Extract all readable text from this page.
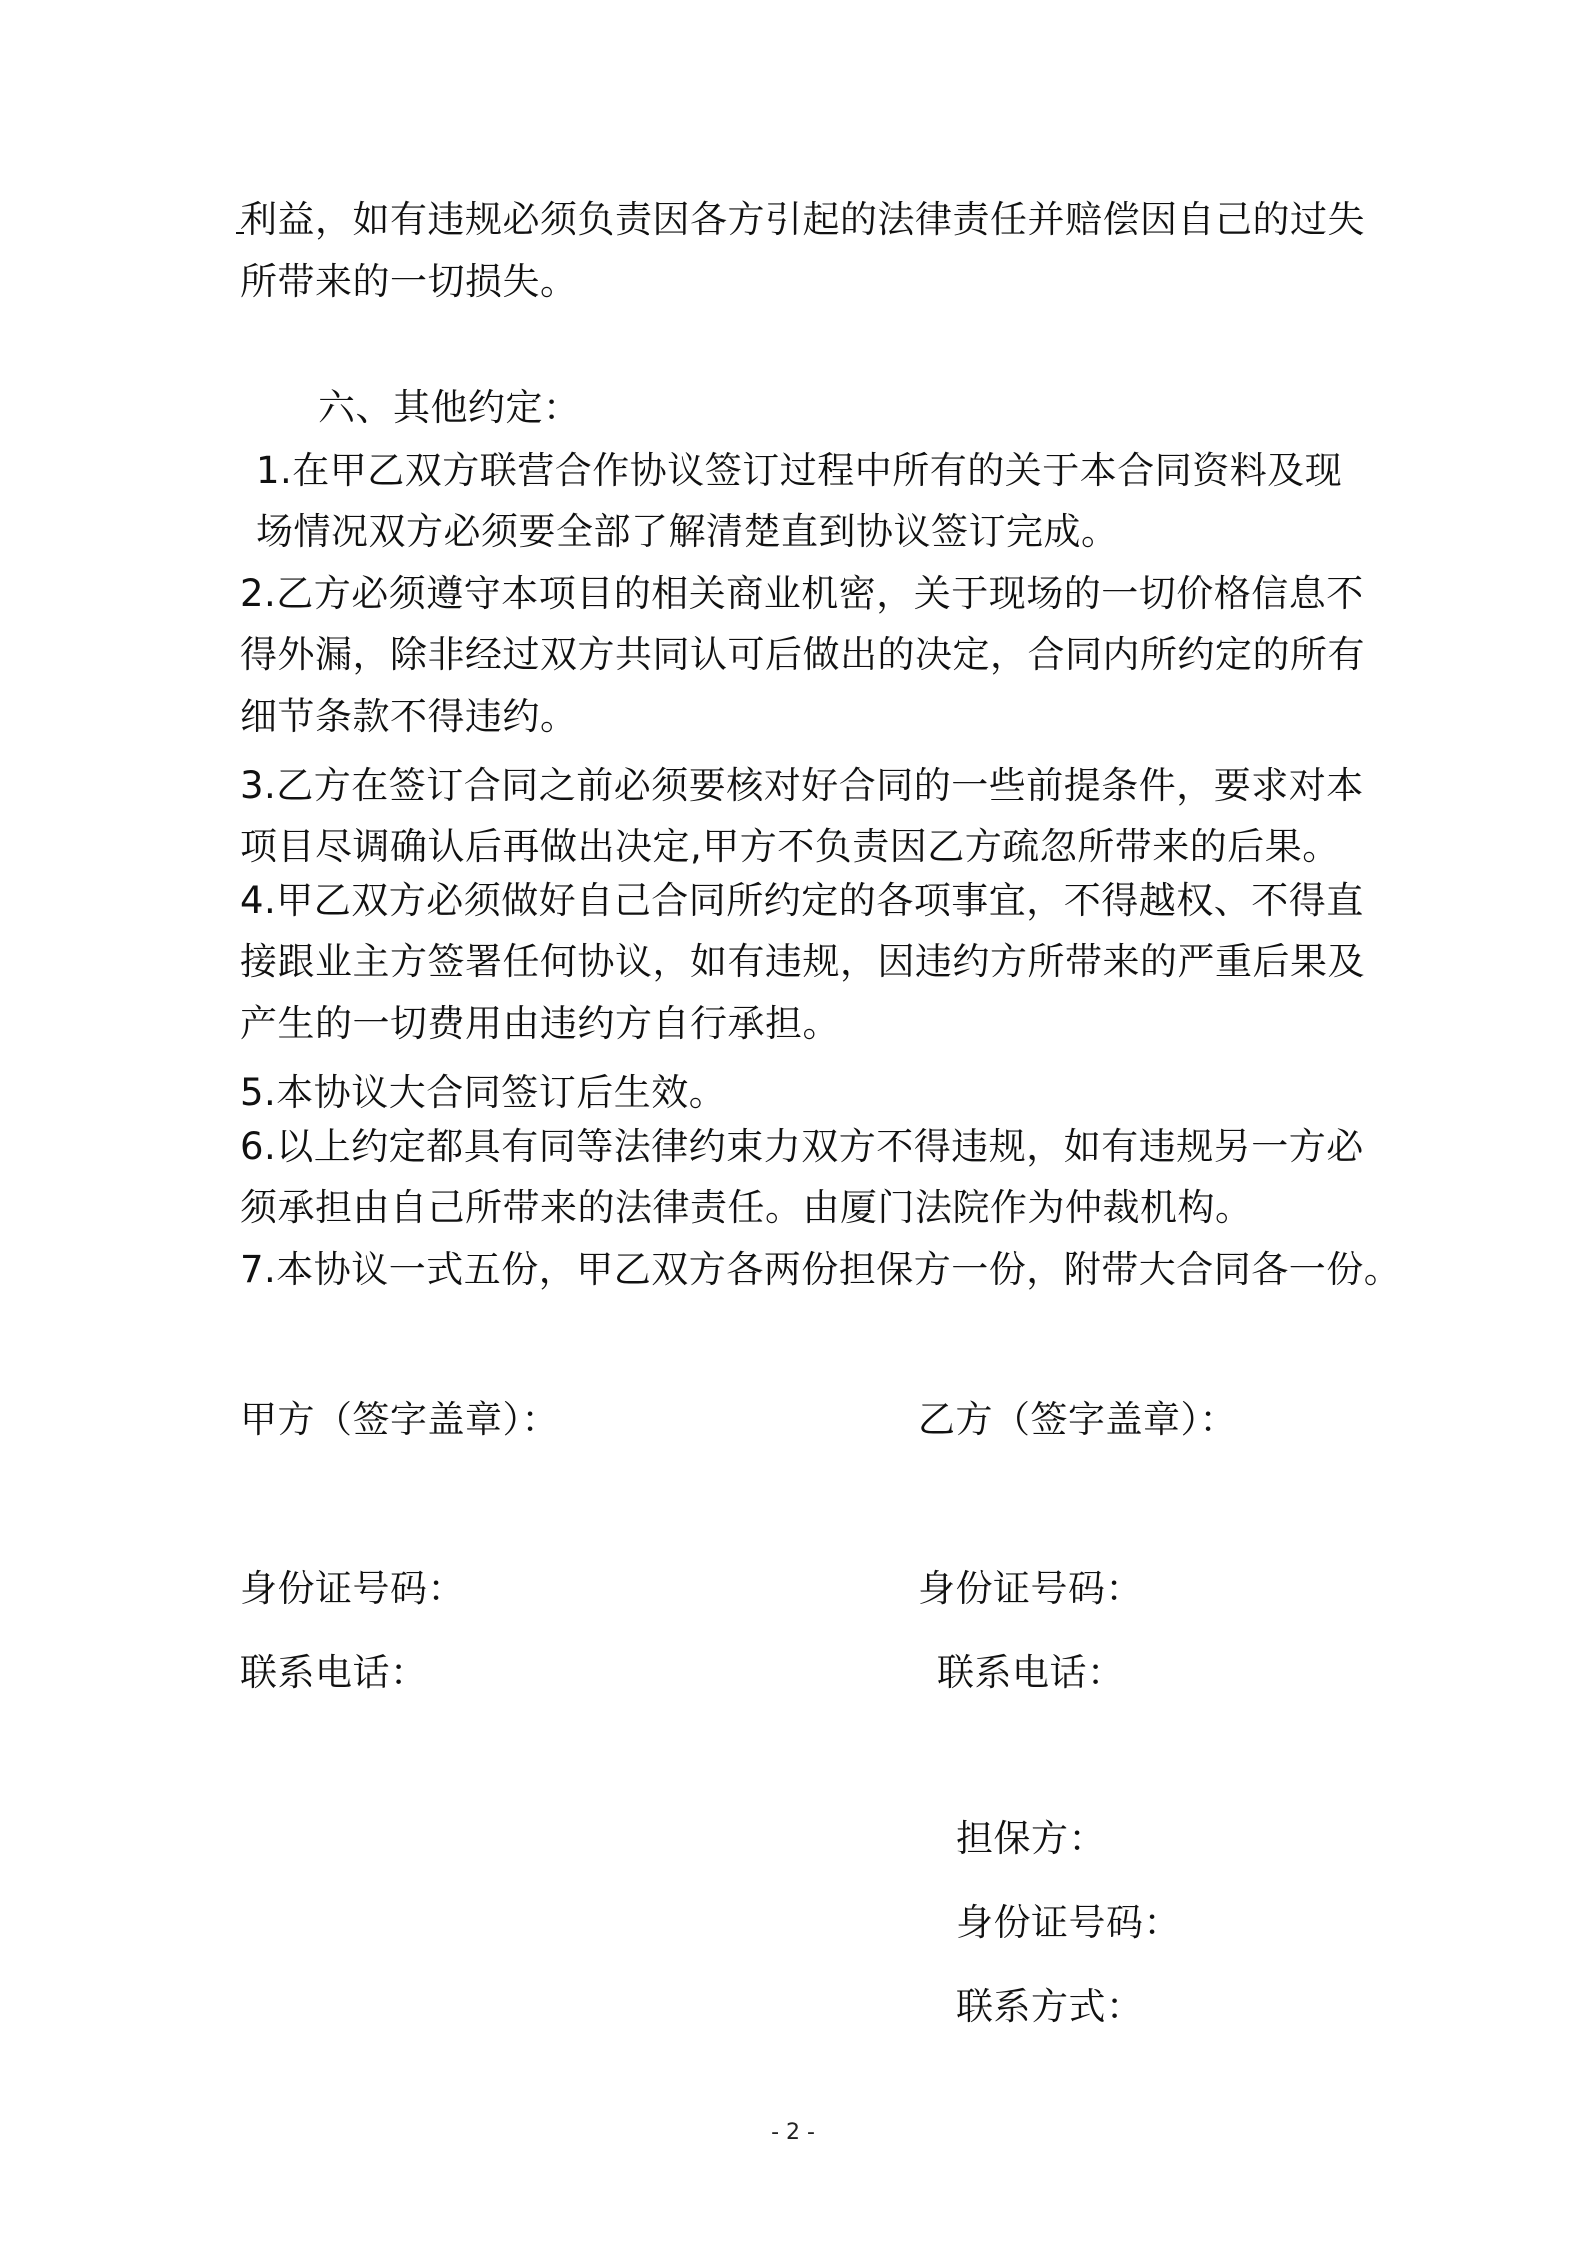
利益，如有违规必须负责因各方引起的法律责任并赔偿因自己的过失
所带来的一切损失。
六、其他约定：
1.在甲乙双方联营合作协议签订过程中所有的关于本合同资料及现
场情况双方必须要全部了解清楚直到协议签订完成。
2.乙方必须遵守本项目的相关商业机密，关于现场的一切价格信息不
得外漏，除非经过双方共同认可后做出的决定，合同内所约定的所有
细节条款不得违约。
3.乙方在签订合同之前必须要核对好合同的一些前提条件，要求对本
项目尽调确认后再做出决定,甲方不负责因乙方疏忽所带来的后果。
4.甲乙双方必须做好自己合同所约定的各项事宜，不得越权、不得直
接跟业主方签署任何协议，如有违规，因违约方所带来的严重后果及
产生的一切费用由违约方自行承担。
5.本协议大合同签订后生效。
6.以上约定都具有同等法律约束力双方不得违规，如有违规另一方必
须承担由自己所带来的法律责任。由厦门法院作为仲裁机构。
7.本协议一式五份，甲乙双方各两份担保方一份，附带大合同各一份。
甲方（签字盖章）：
身份证号码：
联系电话：
乙方（签字盖章）：
身份证号码：
联系电话：
担保方：
身份证号码：
联系方式：
- 2 -
